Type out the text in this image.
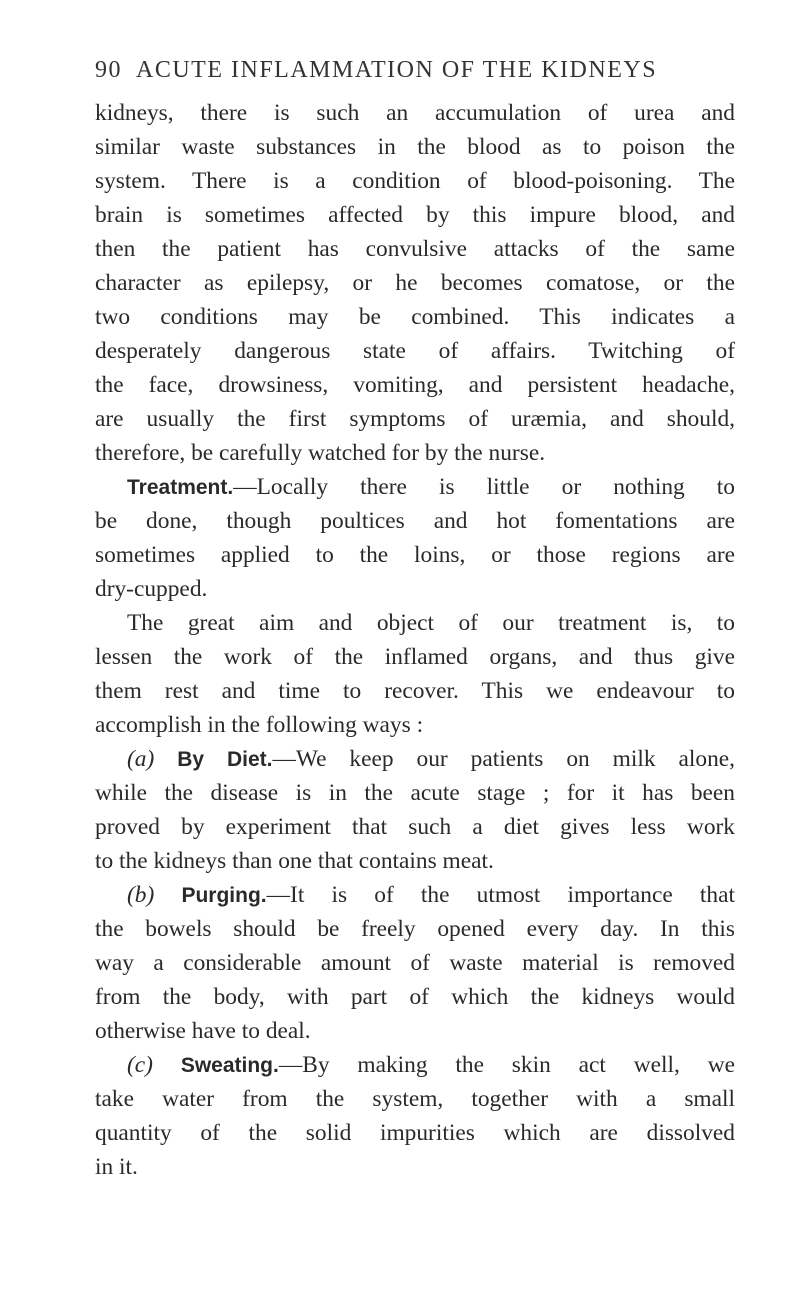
90 ACUTE INFLAMMATION OF THE KIDNEYS
kidneys, there is such an accumulation of urea and
similar waste substances in the blood as to poison the
system. There is a condition of blood-poisoning. The
brain is sometimes affected by this impure blood, and
then the patient has convulsive attacks of the same
character as epilepsy, or he becomes comatose, or the
two conditions may be combined. This indicates a
desperately dangerous state of affairs. Twitching of
the face, drowsiness, vomiting, and persistent headache,
are usually the first symptoms of uræmia, and should,
therefore, be carefully watched for by the nurse.
Treatment.—Locally there is little or nothing to
be done, though poultices and hot fomentations are
sometimes applied to the loins, or those regions are
dry-cupped.
The great aim and object of our treatment is, to
lessen the work of the inflamed organs, and thus give
them rest and time to recover. This we endeavour to
accomplish in the following ways :
(a) By Diet.—We keep our patients on milk alone,
while the disease is in the acute stage ; for it has been
proved by experiment that such a diet gives less work
to the kidneys than one that contains meat.
(b) Purging.—It is of the utmost importance that
the bowels should be freely opened every day. In this
way a considerable amount of waste material is removed
from the body, with part of which the kidneys would
otherwise have to deal.
(c) Sweating.—By making the skin act well, we
take water from the system, together with a small
quantity of the solid impurities which are dissolved
in it.
